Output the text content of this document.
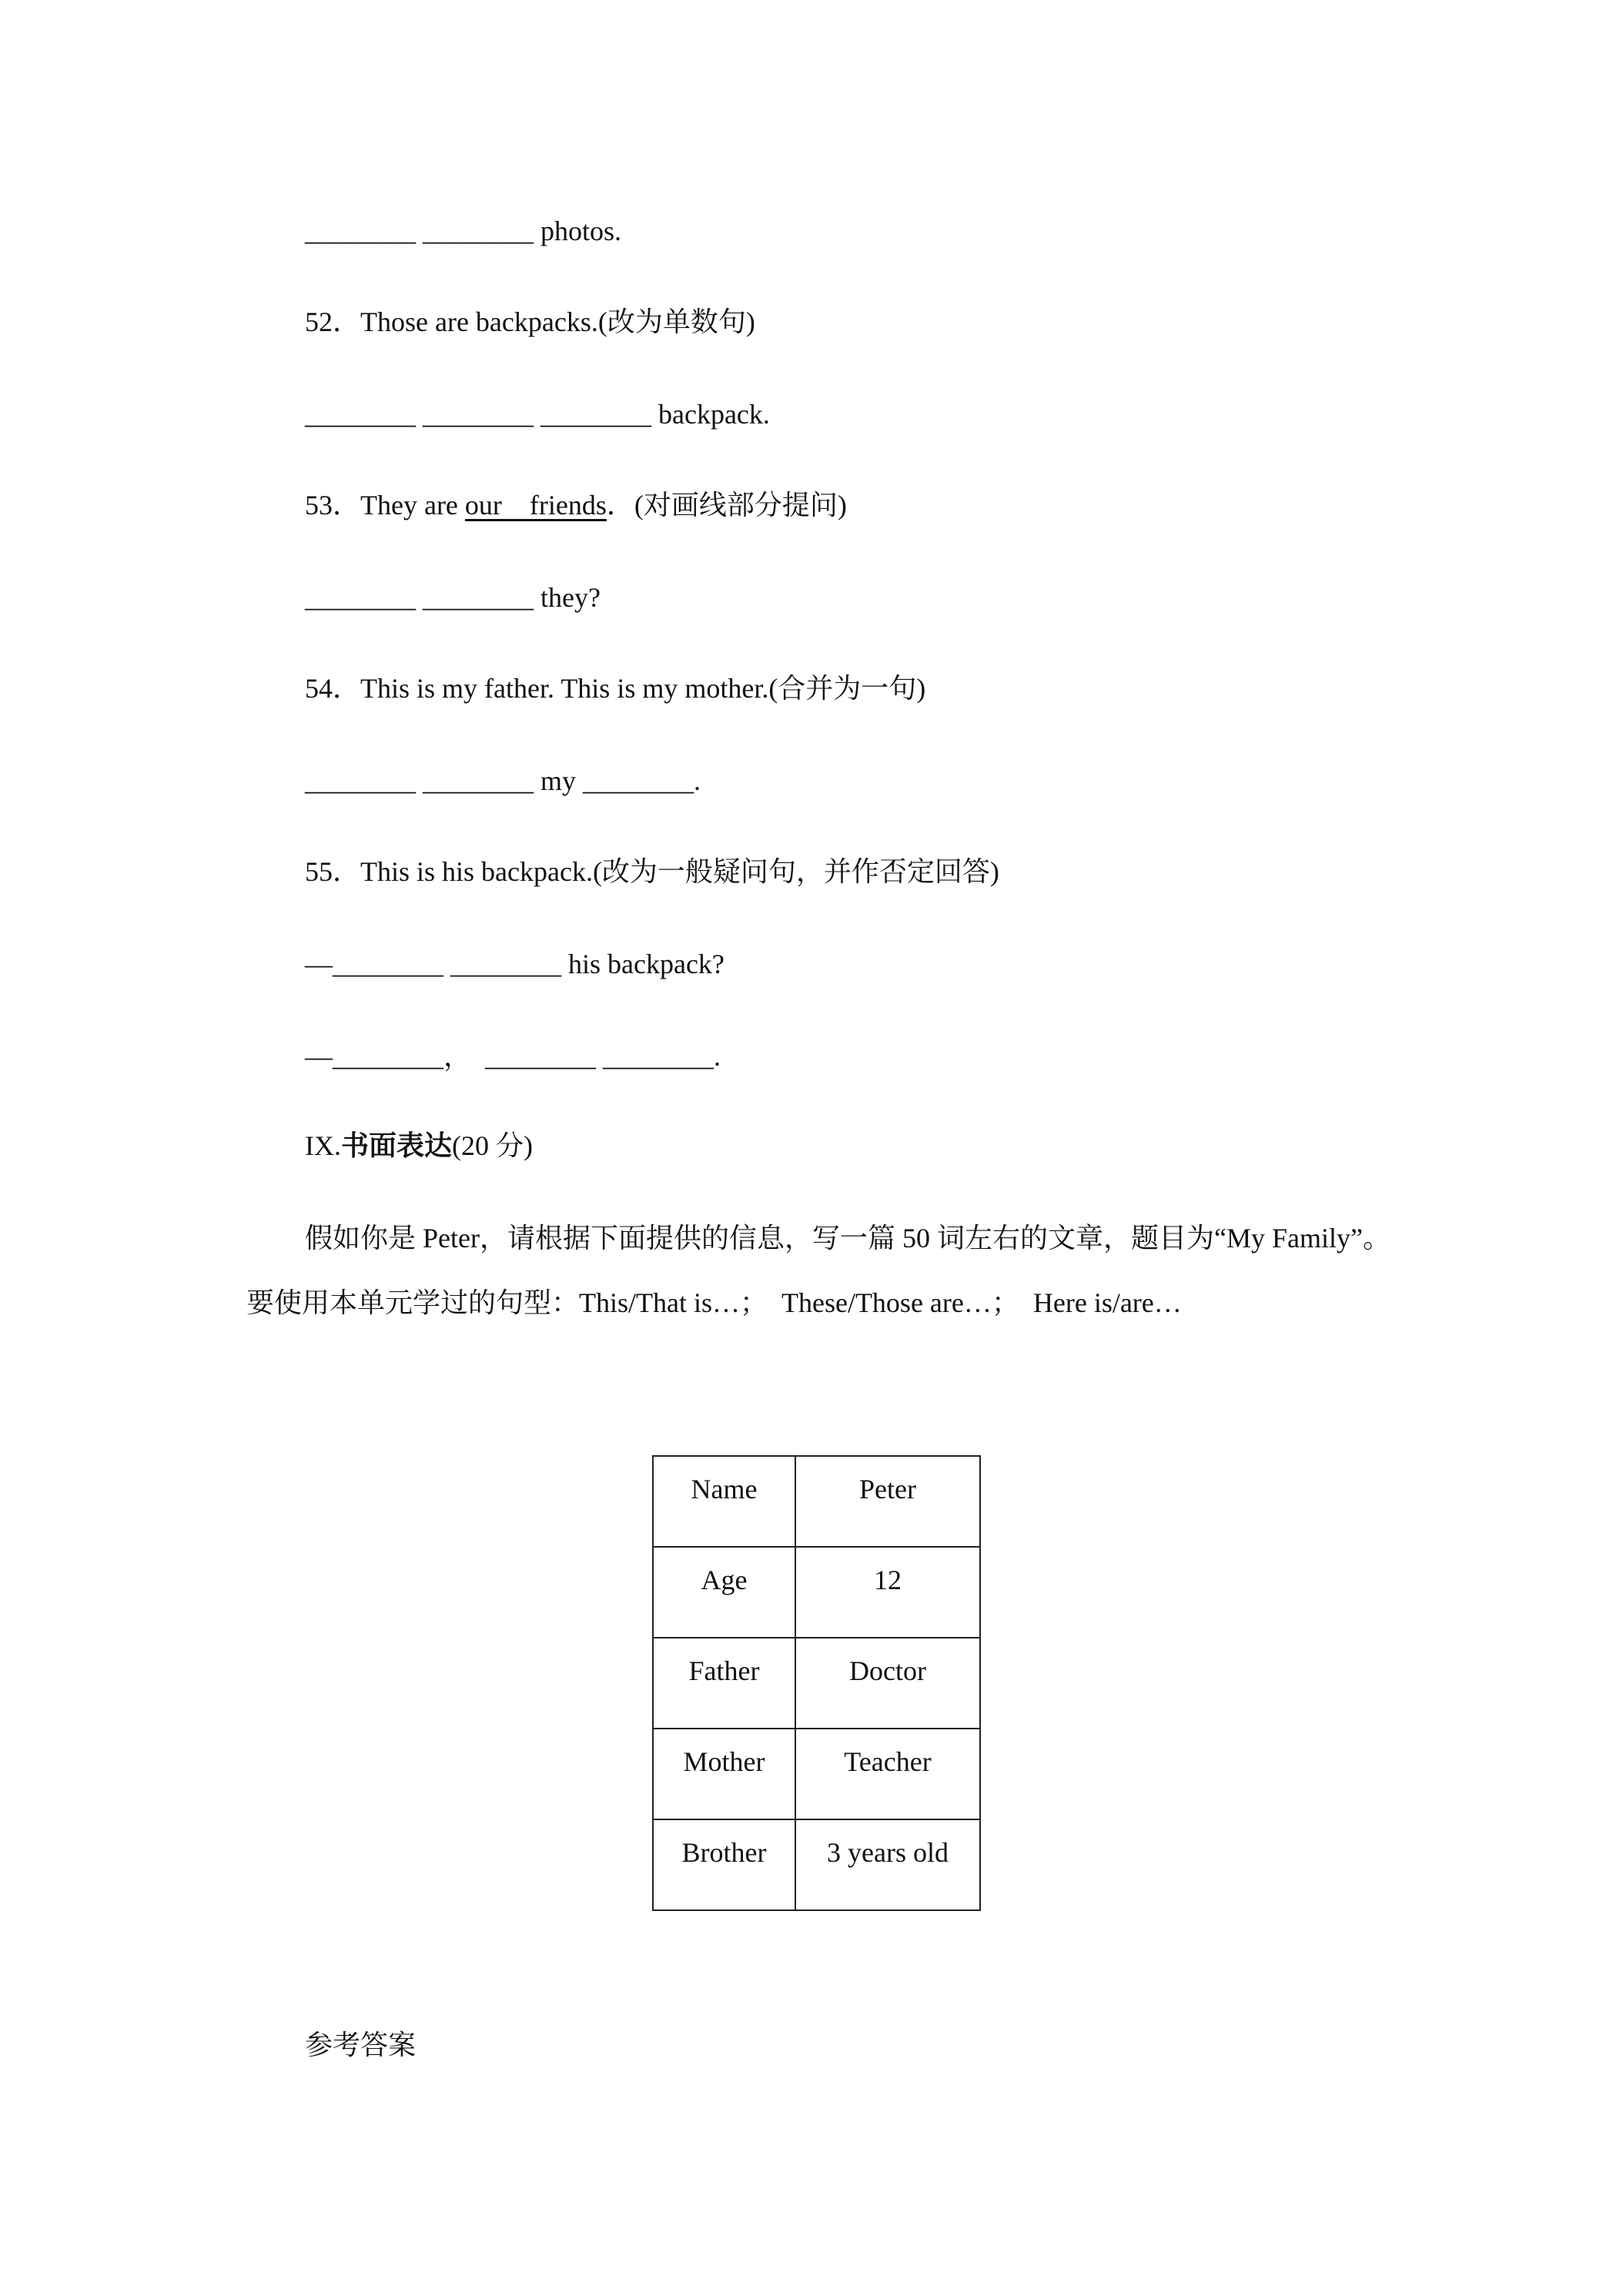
________ ________ photos.
52．Those are backpacks.(改为单数句)
________ ________ ________ backpack.
53．They are our　friends．(对画线部分提问)
________ ________ they?
54．This is my father. This is my mother.(合并为一句)
________ ________ my ________.
55．This is his backpack.(改为一般疑问句，并作否定回答)
—________ ________ his backpack?
—________，　________ ________.
IX.书面表达(20 分)
假如你是 Peter，请根据下面提供的信息，写一篇 50 词左右的文章，题目为“My Family”。
要使用本单元学过的句型：This/That is…；　These/Those are…；　Here is/are…
Name	Peter
Age	12
Father	Doctor
Mother	Teacher
Brother	3 years old
参考答案
